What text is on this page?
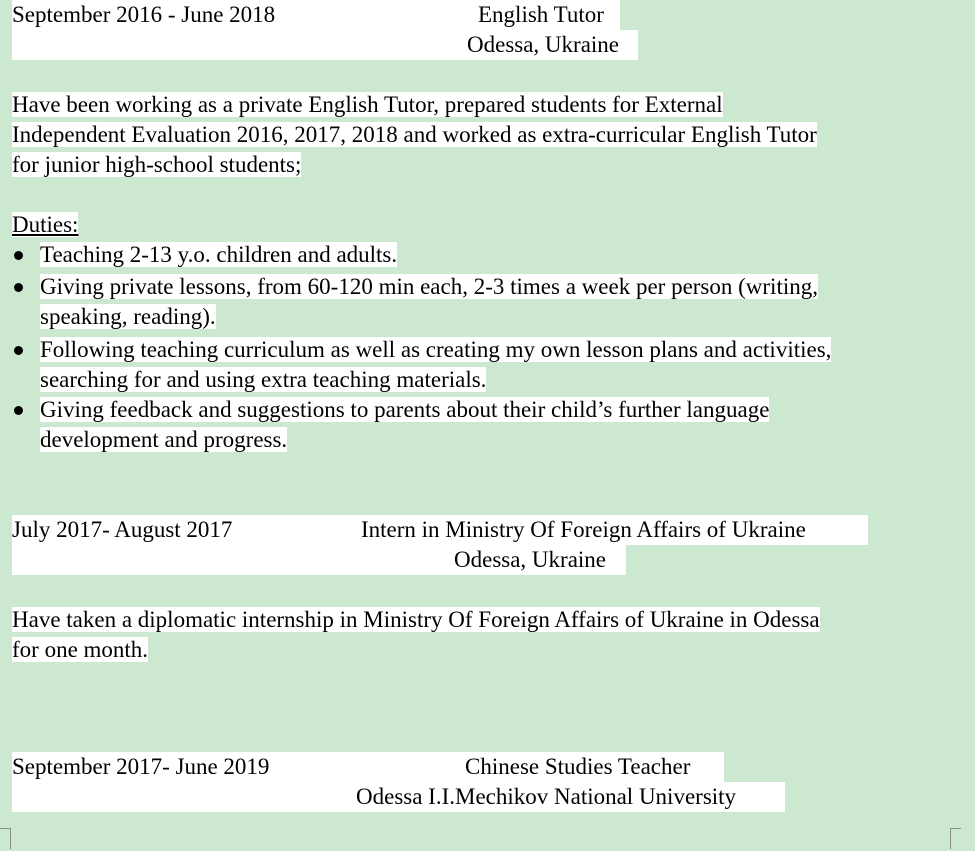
September 2016 - June 2018	English Tutor
Odessa, Ukraine
Have been working as a private English Tutor, prepared students for External
Independent Evaluation 2016, 2017, 2018 and worked as extra-curricular English Tutor
for junior high-school students;
Duties:
Teaching 2-13 y.o. children and adults.
Giving private lessons, from 60-120 min each, 2-3 times a week per person (writing,
speaking, reading).
Following teaching curriculum as well as creating my own lesson plans and activities,
searching for and using extra teaching materials.
Giving feedback and suggestions to parents about their child’s further language
development and progress.
July 2017- August 2017	Intern in Ministry Of Foreign Affairs of Ukraine
Odessa, Ukraine
Have taken a diplomatic internship in Ministry Of Foreign Affairs of Ukraine in Odessa
for one month.
September 2017- June 2019	Chinese Studies Teacher
Odessa I.I.Mechikov National University
